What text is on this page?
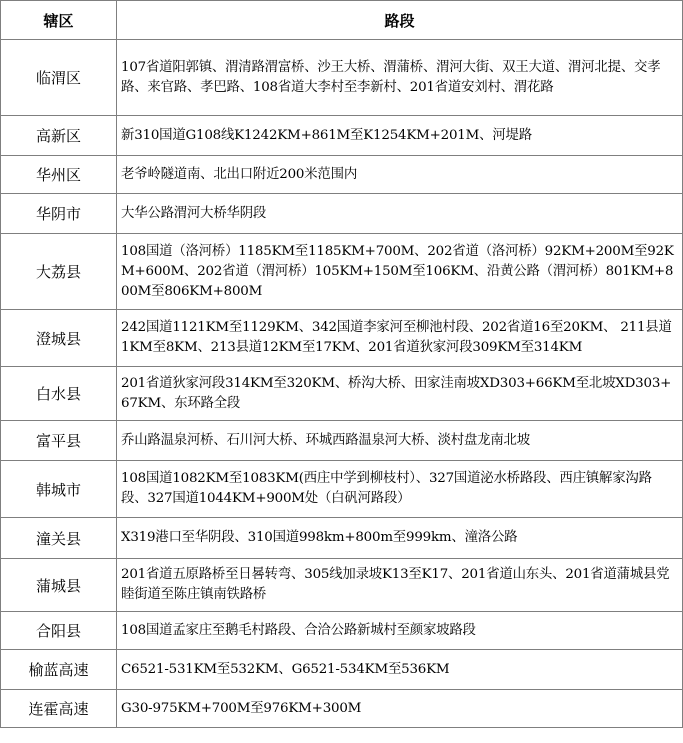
辖区	路段
临渭区	107省道阳郭镇、渭清路渭富桥、沙王大桥、渭蒲桥、渭河大街、双王大道、渭河北提、交孝路、来官路、孝巴路、108省道大李村至李新村、201省道安刘村、渭花路
高新区	新310国道G108线K1242KM+861M至K1254KM+201M、河堤路
华州区	老爷岭隧道南、北出口附近200米范围内
华阴市	大华公路渭河大桥华阴段
大荔县	108国道（洛河桥）1185KM至1185KM+700M、202省道（洛河桥）92KM+200M至92KM+600M、202省道（渭河桥）105KM+150M至106KM、沿黄公路（渭河桥）801KM+800M至806KM+800M
澄城县	242国道1121KM至1129KM、342国道李家河至柳池村段、202省道16至20KM、 211县道1KM至8KM、213县道12KM至17KM、201省道狄家河段309KM至314KM
白水县	201省道狄家河段314KM至320KM、桥沟大桥、田家洼南坡XD303+66KM至北坡XD303+67KM、东环路全段
富平县	乔山路温泉河桥、石川河大桥、环城西路温泉河大桥、淡村盘龙南北坡
韩城市	108国道1082KM至1083KM(西庄中学到柳枝村）、327国道泌水桥路段、西庄镇解家沟路段、327国道1044KM+900M处（白矾河路段）
潼关县	X319港口至华阴段、310国道998km+800m至999km、潼洛公路
蒲城县	201省道五原路桥至日晷转弯、305线加录坡K13至K17、201省道山东头、201省道蒲城县党睦街道至陈庄镇南铁路桥
合阳县	108国道孟家庄至鹅毛村路段、合洽公路新城村至颜家坡路段
榆蓝高速	C6521-531KM至532KM、G6521-534KM至536KM
连霍高速	G30-975KM+700M至976KM+300M
